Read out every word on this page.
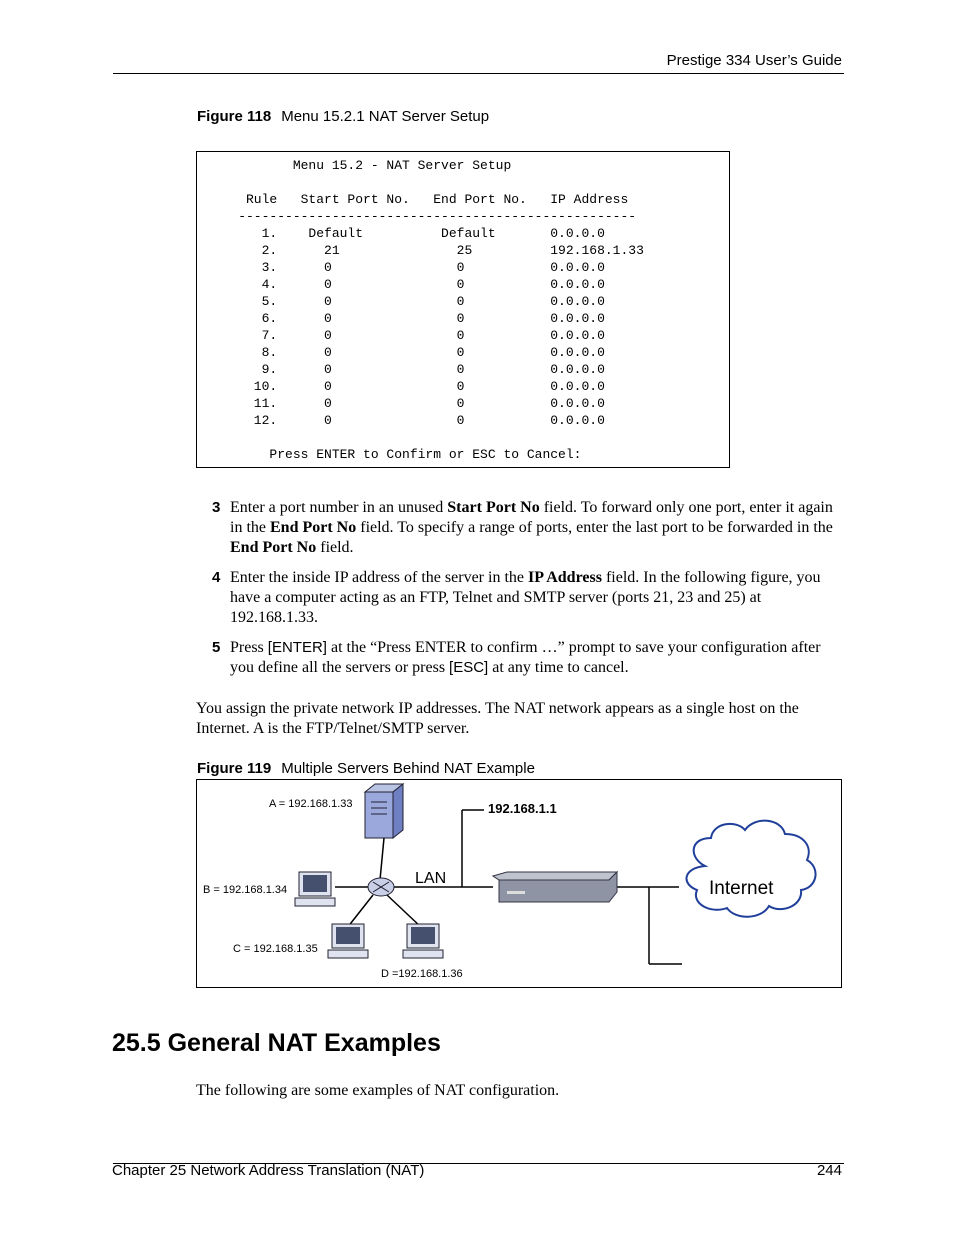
Prestige 334 User’s Guide
Figure 118 Menu 15.2.1 NAT Server Setup
Menu 15.2 - NAT Server Setup

Rule   Start Port No.   End Port No.   IP Address
---------------------------------------------------
1.    Default          Default       0.0.0.0
2.      21               25          192.168.1.33
3.      0                0           0.0.0.0
4.      0                0           0.0.0.0
5.      0                0           0.0.0.0
6.      0                0           0.0.0.0
7.      0                0           0.0.0.0
8.      0                0           0.0.0.0
9.      0                0           0.0.0.0
10.      0                0           0.0.0.0
11.      0                0           0.0.0.0
12.      0                0           0.0.0.0

Press ENTER to Confirm or ESC to Cancel:
3 Enter a port number in an unused Start Port No field. To forward only one port, enter it again in the End Port No field. To specify a range of ports, enter the last port to be forwarded in the End Port No field.
4 Enter the inside IP address of the server in the IP Address field. In the following figure, you have a computer acting as an FTP, Telnet and SMTP server (ports 21, 23 and 25) at 192.168.1.33.
5 Press [ENTER] at the “Press ENTER to confirm …” prompt to save your configuration after you define all the servers or press [ESC] at any time to cancel.
You assign the private network IP addresses. The NAT network appears as a single host on the Internet. A is the FTP/Telnet/SMTP server.
Figure 119 Multiple Servers Behind NAT Example
A = 192.168.1.33
B = 192.168.1.34
C = 192.168.1.35
D =192.168.1.36
192.168.1.1
LAN	Internet
25.5 General NAT Examples
The following are some examples of NAT configuration.
Chapter 25 Network Address Translation (NAT)	244
